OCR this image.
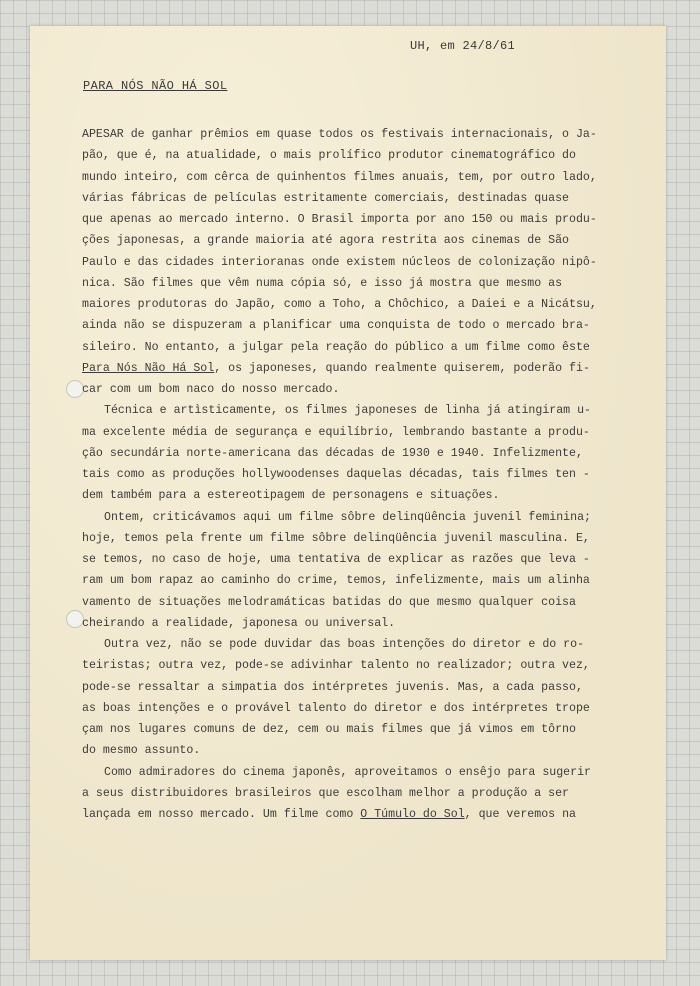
UH, em 24/8/61
PARA NÓS NÃO HÁ SOL
APESAR de ganhar prêmios em quase todos os festivais internacionais, o Ja-
pão, que é, na atualidade, o mais prolífico produtor cinematográfico do
mundo inteiro, com cêrca de quinhentos filmes anuais, tem, por outro lado,
várias fábricas de películas estritamente comerciais, destinadas quase
que apenas ao mercado interno. O Brasil importa por ano 150 ou mais produ-
ções japonesas, a grande maioria até agora restrita aos cinemas de São
Paulo e das cidades interioranas onde existem núcleos de colonização nipô-
nica. São filmes que vêm numa cópia só, e isso já mostra que mesmo as
maiores produtoras do Japão, como a Toho, a Chôchico, a Daiei e a Nicátsu,
ainda não se dispuzeram a planificar uma conquista de todo o mercado bra-
sileiro. No entanto, a julgar pela reação do público a um filme como êste
Para Nós Não Há Sol, os japoneses, quando realmente quiserem, poderão fi-
car com um bom naco do nosso mercado.
Técnica e artìsticamente, os filmes japoneses de linha já atingiram u-
ma excelente média de segurança e equilíbrio, lembrando bastante a produ-
ção secundária norte-americana das décadas de 1930 e 1940. Infelizmente,
tais como as produções hollywoodenses daquelas décadas, tais filmes ten -
dem também para a estereotipagem de personagens e situações.
Ontem, criticávamos aqui um filme sôbre delinqüência juvenil feminina;
hoje, temos pela frente um filme sôbre delinqüência juvenil masculina. E,
se temos, no caso de hoje, uma tentativa de explicar as razões que leva -
ram um bom rapaz ao caminho do crime, temos, infelizmente, mais um alinha
vamento de situações melodramáticas batidas do que mesmo qualquer coisa
cheirando a realidade, japonesa ou universal.
Outra vez, não se pode duvidar das boas intenções do diretor e do ro-
teiristas; outra vez, pode-se adivinhar talento no realizador; outra vez,
pode-se ressaltar a simpatia dos intérpretes juvenis. Mas, a cada passo,
as boas intenções e o provável talento do diretor e dos intérpretes trope
çam nos lugares comuns de dez, cem ou mais filmes que já vimos em tôrno
do mesmo assunto.
Como admiradores do cinema japonês, aproveitamos o ensêjo para sugerir
a seus distribuidores brasileiros que escolham melhor a produção a ser
lançada em nosso mercado. Um filme como O Túmulo do Sol, que veremos na
